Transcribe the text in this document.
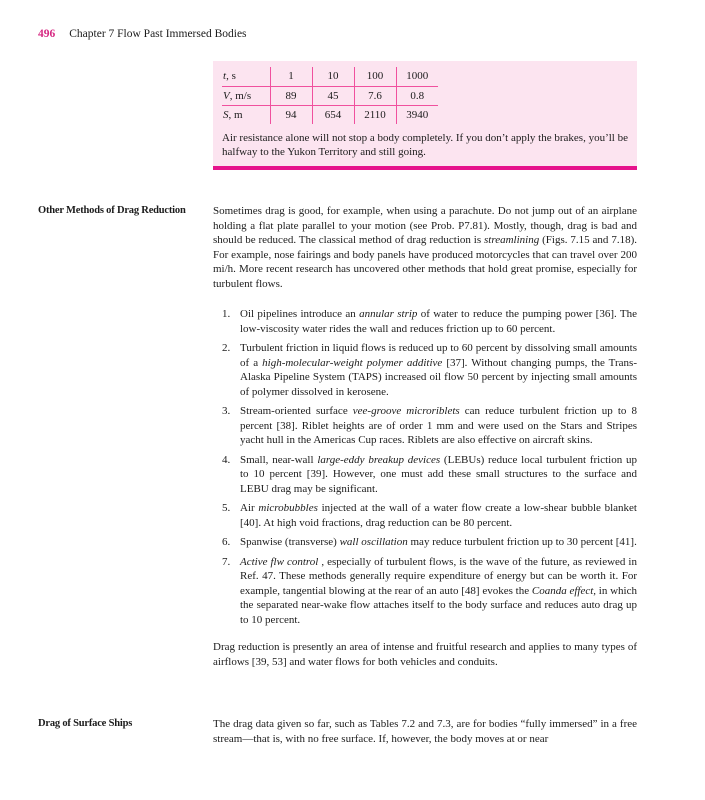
496 Chapter 7 Flow Past Immersed Bodies
t, s	1	10	100	1000
V, m/s	89	45	7.6	0.8
S, m	94	654	2110	3940
Air resistance alone will not stop a body completely. If you don’t apply the brakes, you’ll be halfway to the Yukon Territory and still going.
Other Methods of Drag Reduction	Sometimes drag is good, for example, when using a parachute. Do not jump out of an airplane holding a flat plate parallel to your motion (see Prob. P7.81). Mostly, though, drag is bad and should be reduced. The classical method of drag reduction is streamlining (Figs. 7.15 and 7.18). For example, nose fairings and body panels have produced motorcycles that can travel over 200 mi/h. More recent research has uncovered other methods that hold great promise, especially for turbulent flows.

1. Oil pipelines introduce an annular strip of water to reduce the pumping power [36]. The low-viscosity water rides the wall and reduces friction up to 60 percent.
2. Turbulent friction in liquid flows is reduced up to 60 percent by dissolving small amounts of a high-molecular-weight polymer additive [37]. Without changing pumps, the Trans-Alaska Pipeline System (TAPS) increased oil flow 50 percent by injecting small amounts of polymer dissolved in kerosene.
3. Stream-oriented surface vee-groove microriblets can reduce turbulent friction up to 8 percent [38]. Riblet heights are of order 1 mm and were used on the Stars and Stripes yacht hull in the Americas Cup races. Riblets are also effective on aircraft skins.
4. Small, near-wall large-eddy breakup devices (LEBUs) reduce local turbulent friction up to 10 percent [39]. However, one must add these small structures to the surface and LEBU drag may be significant.
5. Air microbubbles injected at the wall of a water flow create a low-shear bubble blanket [40]. At high void fractions, drag reduction can be 80 percent.
6. Spanwise (transverse) wall oscillation may reduce turbulent friction up to 30 percent [41].
7. Active flw control , especially of turbulent flows, is the wave of the future, as reviewed in Ref. 47. These methods generally require expenditure of energy but can be worth it. For example, tangential blowing at the rear of an auto [48] evokes the Coanda effect, in which the separated near-wake flow attaches itself to the body surface and reduces auto drag up to 10 percent.

Drag reduction is presently an area of intense and fruitful research and applies to many types of airflows [39, 53] and water flows for both vehicles and conduits.

Drag of Surface Ships	The drag data given so far, such as Tables 7.2 and 7.3, are for bodies “fully immersed” in a free stream—that is, with no free surface. If, however, the body moves at or near
